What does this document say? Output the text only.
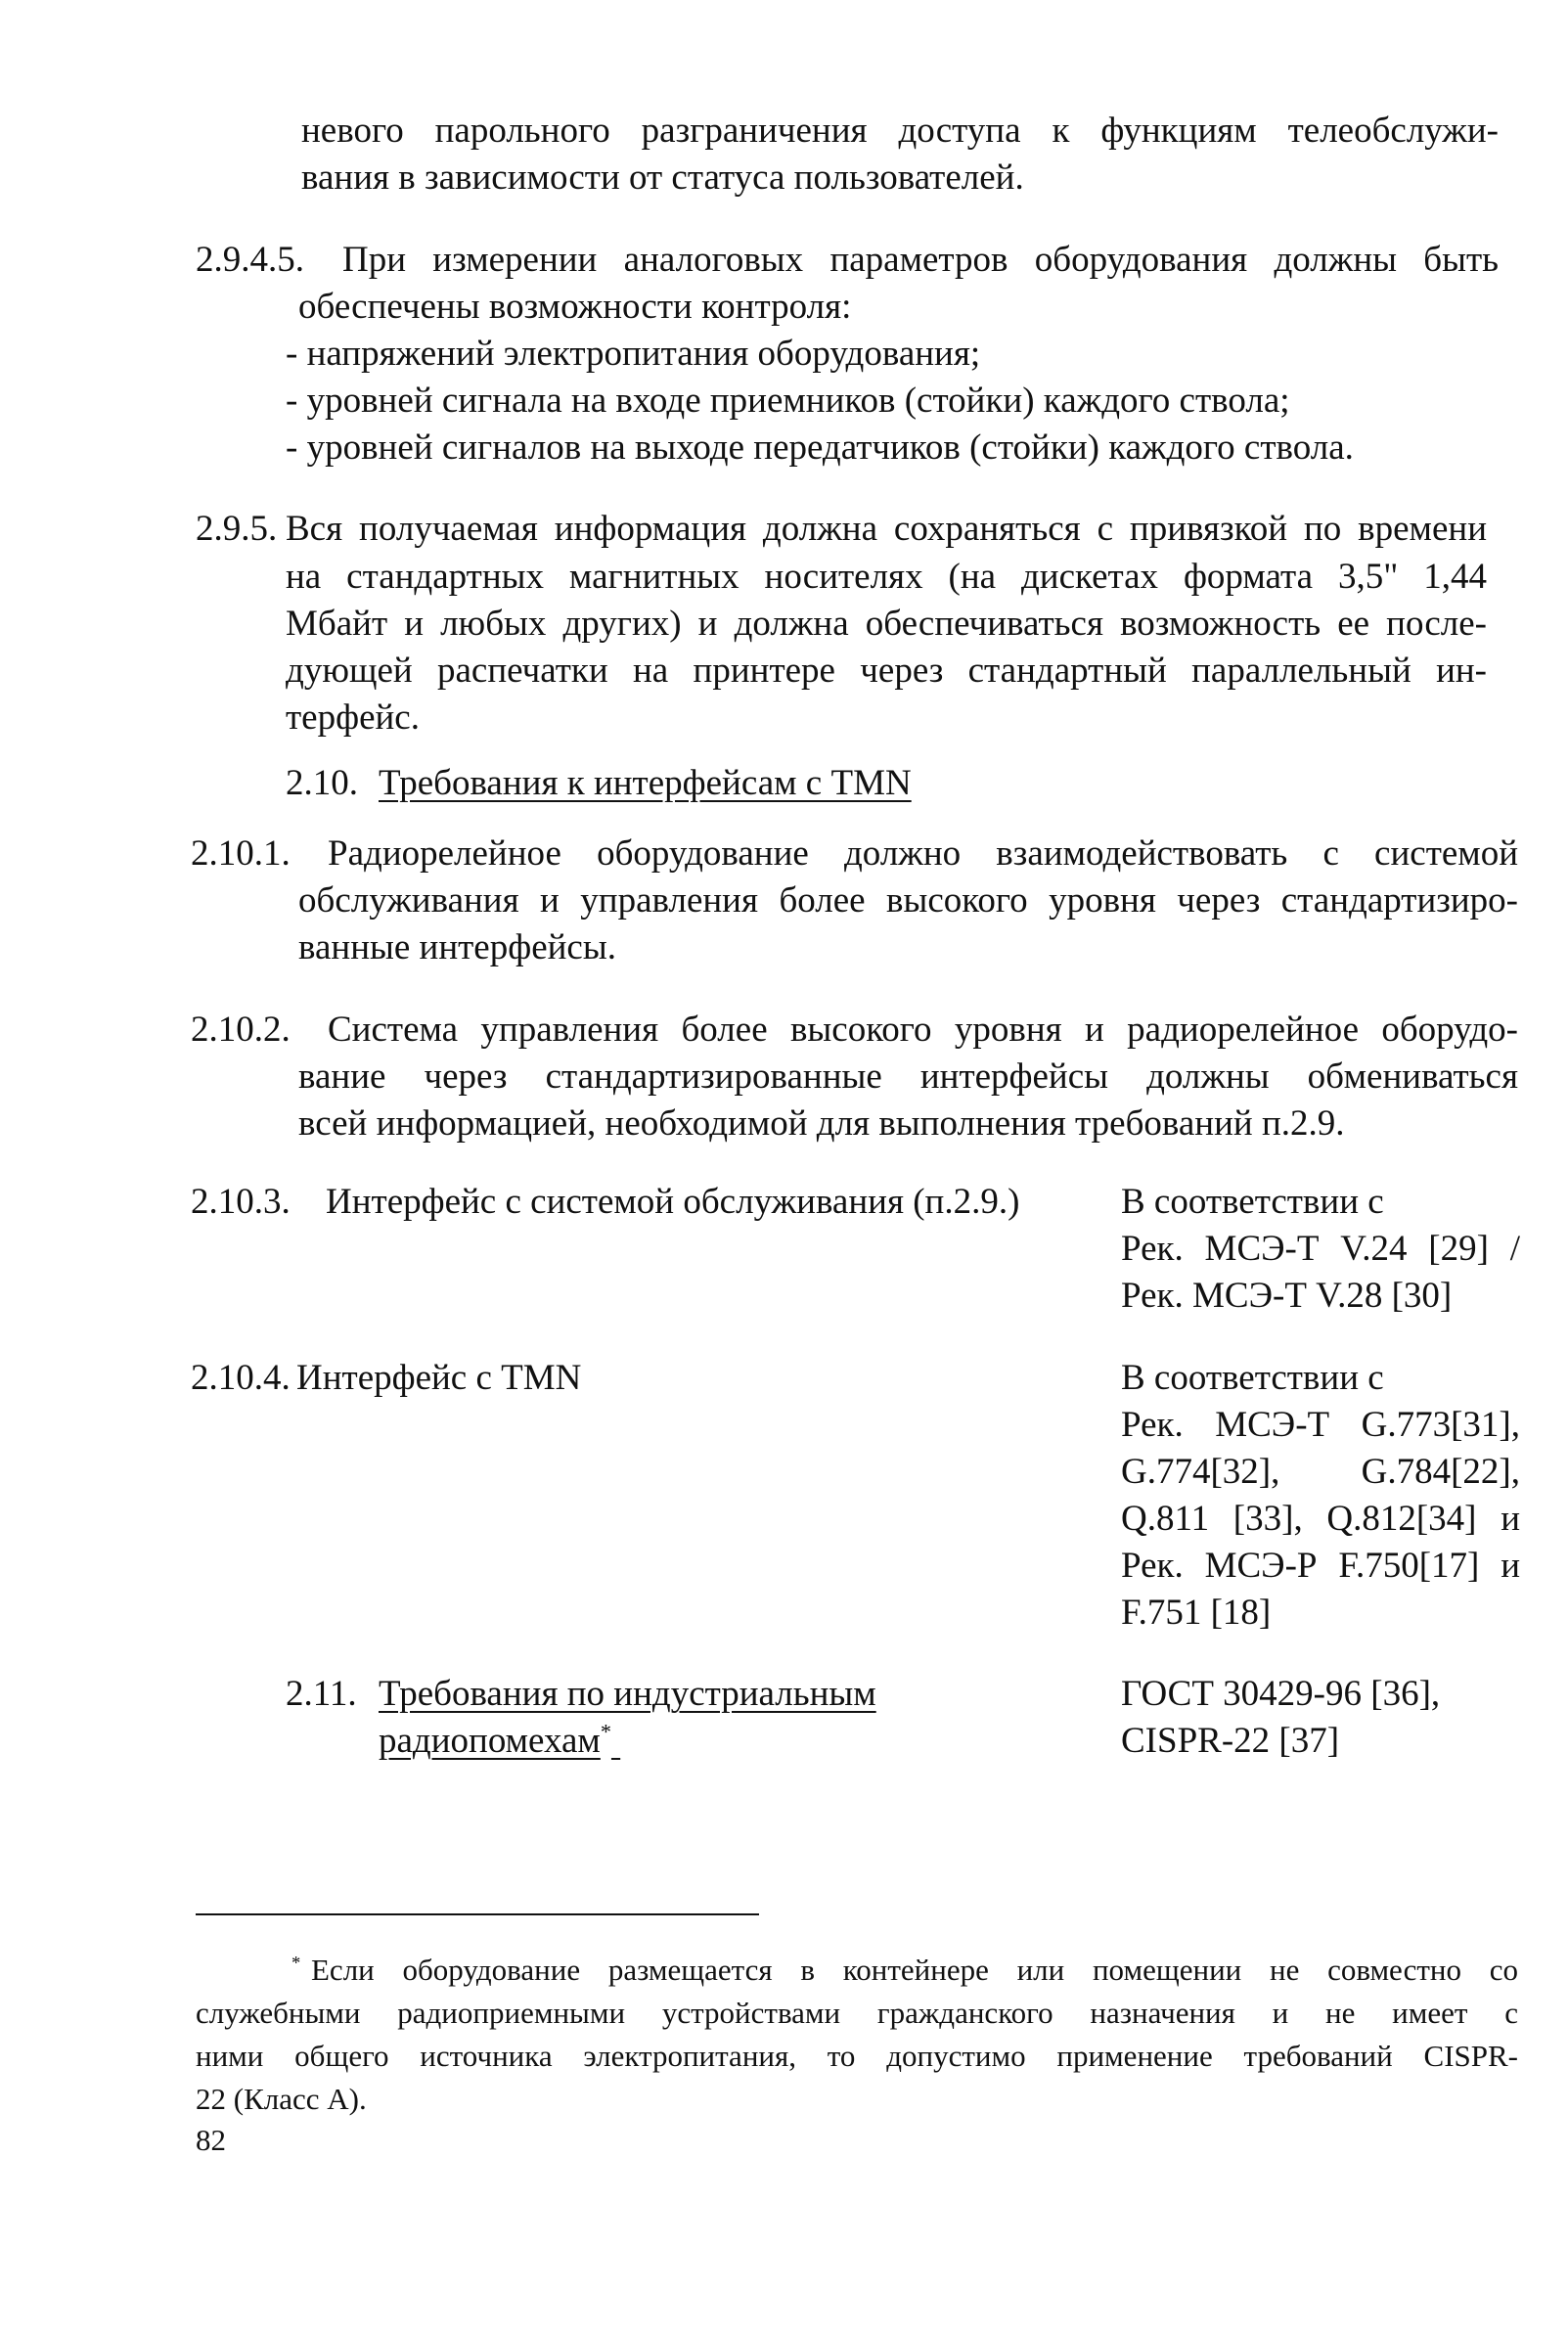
невого парольного разграничения доступа к функциям телеобслужи-
вания в зависимости от статуса пользователей.
2.9.4.5. При измерении аналоговых параметров оборудования должны быть
обеспечены возможности контроля:
- напряжений электропитания оборудования;
- уровней сигнала на входе приемников (стойки) каждого ствола;
- уровней сигналов на выходе передатчиков (стойки) каждого ствола.
2.9.5. Вся получаемая информация должна сохраняться с привязкой по времени
на стандартных магнитных носителях (на дискетах формата 3,5" 1,44
Мбайт и любых других) и должна обеспечиваться возможность ее после-
дующей распечатки на принтере через стандартный параллельный ин-
терфейс.
2.10. Требования к интерфейсам с TMN
2.10.1. Радиорелейное оборудование должно взаимодействовать с системой
обслуживания и управления более высокого уровня через стандартизиро-
ванные интерфейсы.
2.10.2. Система управления более высокого уровня и радиорелейное оборудо-
вание через стандартизированные интерфейсы должны обмениваться
всей информацией, необходимой для выполнения требований п.2.9.
2.10.3. Интерфейс с системой обслуживания (п.2.9.)	В соответствии с
Рек. МСЭ-Т V.24 [29] /
Рек. МСЭ-Т V.28 [30]
2.10.4. Интерфейс с TMN	В соответствии с
Рек. МСЭ-Т G.773[31],
G.774[32], G.784[22],
Q.811 [33], Q.812[34] и
Рек. МСЭ-Р F.750[17] и
F.751 [18]
2.11. Требования по индустриальным
радиопомехам*
ГОСТ 30429-96 [36],
CISPR-22 [37]
* Если оборудование размещается в контейнере или помещении не совместно со
служебными радиоприемными устройствами гражданского назначения и не имеет с
ними общего источника электропитания, то допустимо применение требований CISPR-
22 (Класс А).
82
